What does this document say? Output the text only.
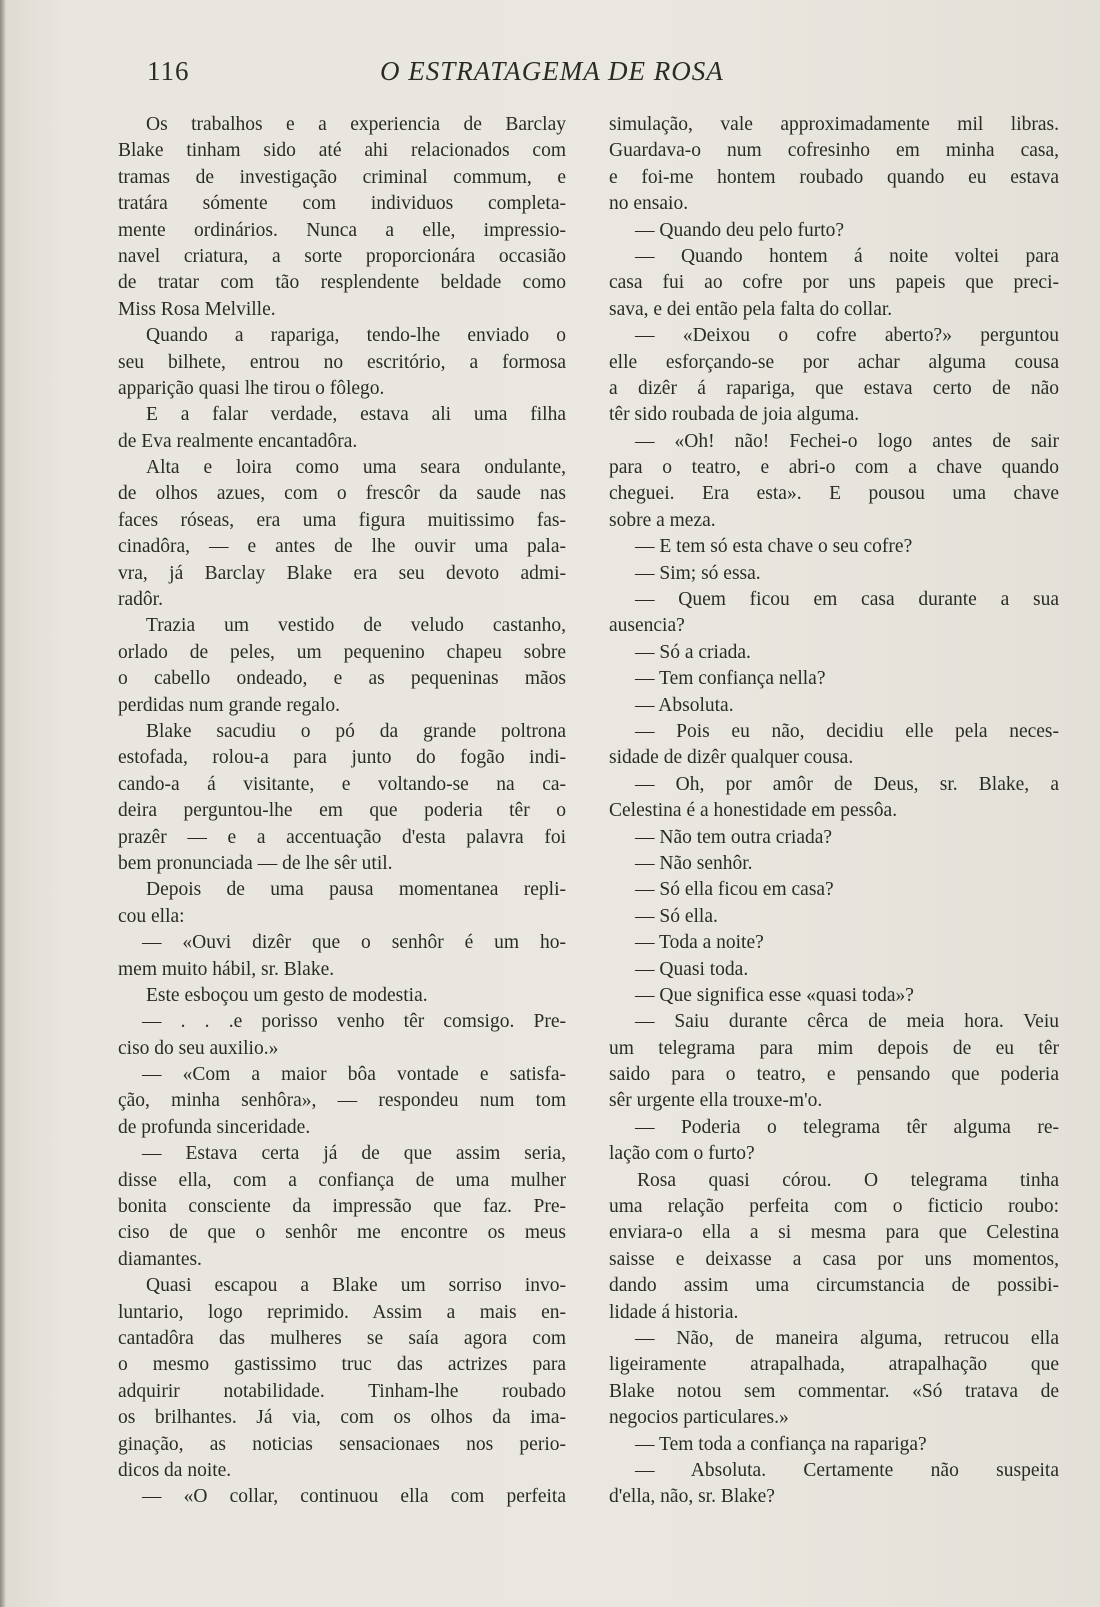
116	O ESTRATAGEMA DE ROSA
Os trabalhos e a experiencia de Barclay
Blake tinham sido até ahi relacionados com
tramas de investigação criminal commum, e
tratára sómente com individuos completa-
mente ordinários. Nunca a elle, impressio-
navel criatura, a sorte proporcionára occasião
de tratar com tão resplendente beldade como
Miss Rosa Melville.
Quando a rapariga, tendo-lhe enviado o
seu bilhete, entrou no escritório, a formosa
apparição quasi lhe tirou o fôlego.
E a falar verdade, estava ali uma filha
de Eva realmente encantadôra.
Alta e loira como uma seara ondulante,
de olhos azues, com o frescôr da saude nas
faces róseas, era uma figura muitissimo fas-
cinadôra, — e antes de lhe ouvir uma pala-
vra, já Barclay Blake era seu devoto admi-
radôr.
Trazia um vestido de veludo castanho,
orlado de peles, um pequenino chapeu sobre
o cabello ondeado, e as pequeninas mãos
perdidas num grande regalo.
Blake sacudiu o pó da grande poltrona
estofada, rolou-a para junto do fogão indi-
cando-a á visitante, e voltando-se na ca-
deira perguntou-lhe em que poderia têr o
prazêr — e a accentuação d'esta palavra foi
bem pronunciada — de lhe sêr util.
Depois de uma pausa momentanea repli-
cou ella:
— «Ouvi dizêr que o senhôr é um ho-
mem muito hábil, sr. Blake.
Este esboçou um gesto de modestia.
— . . .e porisso venho têr comsigo. Pre-
ciso do seu auxilio.»
— «Com a maior bôa vontade e satisfa-
ção, minha senhôra», — respondeu num tom
de profunda sinceridade.
— Estava certa já de que assim seria,
disse ella, com a confiança de uma mulher
bonita consciente da impressão que faz. Pre-
ciso de que o senhôr me encontre os meus
diamantes.
Quasi escapou a Blake um sorriso invo-
luntario, logo reprimido. Assim a mais en-
cantadôra das mulheres se saía agora com
o mesmo gastissimo truc das actrizes para
adquirir notabilidade. Tinham-lhe roubado
os brilhantes. Já via, com os olhos da ima-
ginação, as noticias sensacionaes nos perio-
dicos da noite.
— «O collar, continuou ella com perfeita
simulação, vale approximadamente mil libras.
Guardava-o num cofresinho em minha casa,
e foi-me hontem roubado quando eu estava
no ensaio.
— Quando deu pelo furto?
— Quando hontem á noite voltei para
casa fui ao cofre por uns papeis que preci-
sava, e dei então pela falta do collar.
— «Deixou o cofre aberto?» perguntou
elle esforçando-se por achar alguma cousa
a dizêr á rapariga, que estava certo de não
têr sido roubada de joia alguma.
— «Oh! não! Fechei-o logo antes de sair
para o teatro, e abri-o com a chave quando
cheguei. Era esta». E pousou uma chave
sobre a meza.
— E tem só esta chave o seu cofre?
— Sim; só essa.
— Quem ficou em casa durante a sua
ausencia?
— Só a criada.
— Tem confiança nella?
— Absoluta.
— Pois eu não, decidiu elle pela neces-
sidade de dizêr qualquer cousa.
— Oh, por amôr de Deus, sr. Blake, a
Celestina é a honestidade em pessôa.
— Não tem outra criada?
— Não senhôr.
— Só ella ficou em casa?
— Só ella.
— Toda a noite?
— Quasi toda.
— Que significa esse «quasi toda»?
— Saiu durante cêrca de meia hora. Veiu
um telegrama para mim depois de eu têr
saido para o teatro, e pensando que poderia
sêr urgente ella trouxe-m'o.
— Poderia o telegrama têr alguma re-
lação com o furto?
Rosa quasi córou. O telegrama tinha
uma relação perfeita com o ficticio roubo:
enviara-o ella a si mesma para que Celestina
saisse e deixasse a casa por uns momentos,
dando assim uma circumstancia de possibi-
lidade á historia.
— Não, de maneira alguma, retrucou ella
ligeiramente atrapalhada, atrapalhação que
Blake notou sem commentar. «Só tratava de
negocios particulares.»
— Tem toda a confiança na rapariga?
— Absoluta. Certamente não suspeita
d'ella, não, sr. Blake?
